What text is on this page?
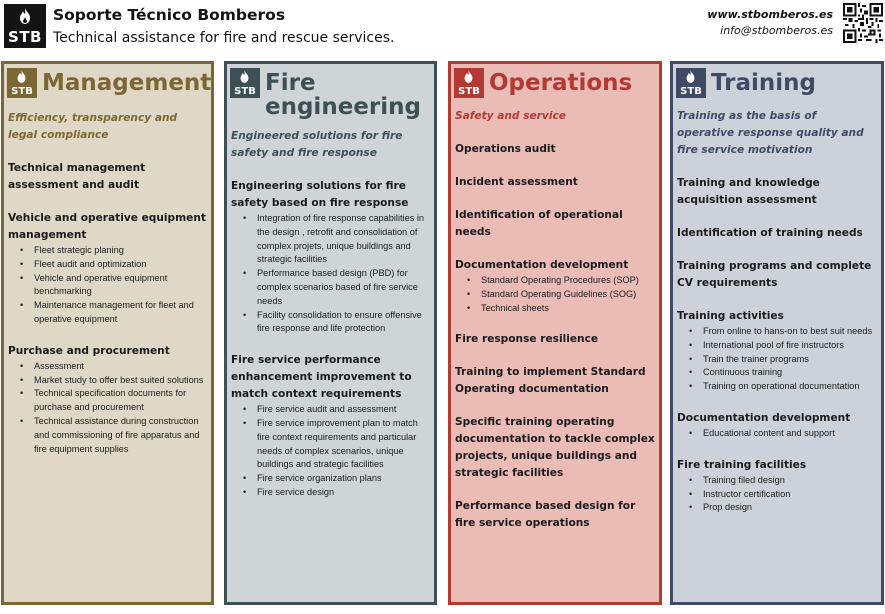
STB
Soporte Técnico Bomberos
Technical assistance for fire and rescue services.
www.stbomberos.es
info@stbomberos.es
STB Management
Efficiency, transparency and legal compliance
Technical management assessment and audit
Vehicle and operative equipment management
• Fleet strategic planing
• Fleet audit and optimization
• Vehicle and operative equipment benchmarking
• Maintenance management for fleet and operative equipment
Purchase and procurement
• Assessment
• Market study to offer best suited solutions
• Technical specification documents for purchase and procurement
• Technical assistance during construction and commissioning of fire apparatus and fire equipment supplies
STB Fire engineering
Engineered solutions for fire safety and fire response
Engineering solutions for fire safety based on fire response
• Integration of fire response capabilities in the design , retrofit and consolidation of complex projets, unique buildings and strategic facilities
• Performance based design (PBD) for complex scenarios based of fire service needs
• Facility consolidation to ensure offensive fire response and life protection
Fire service performance enhancement improvement to match context requirements
• Fire service audit and assessment
• Fire service improvement plan to match fire context requirements and particular needs of complex scenarios, unique buildings and strategic facilities
• Fire service organization plans
• Fire service design
STB Operations
Safety and service
Operations audit
Incident assessment
Identification of operational needs
Documentation development
• Standard Operating Procedures (SOP)
• Standard Operating Guidelines (SOG)
• Technical sheets
Fire response resilience
Training to implement Standard Operating documentation
Specific training operating documentation to tackle complex projects, unique buildings and strategic facilities
Performance based design for fire service operations
STB Training
Training as the basis of operative response quality and fire service motivation
Training and knowledge acquisition assessment
Identification of training needs
Training programs and complete CV requirements
Training activities
• From online to hans-on to best suit needs
• International pool of fire instructors
• Train the trainer programs
• Continuous training
• Training on operational documentation
Documentation development
• Educational content and support
Fire training facilities
• Training filed design
• Instructor certification
• Prop design
